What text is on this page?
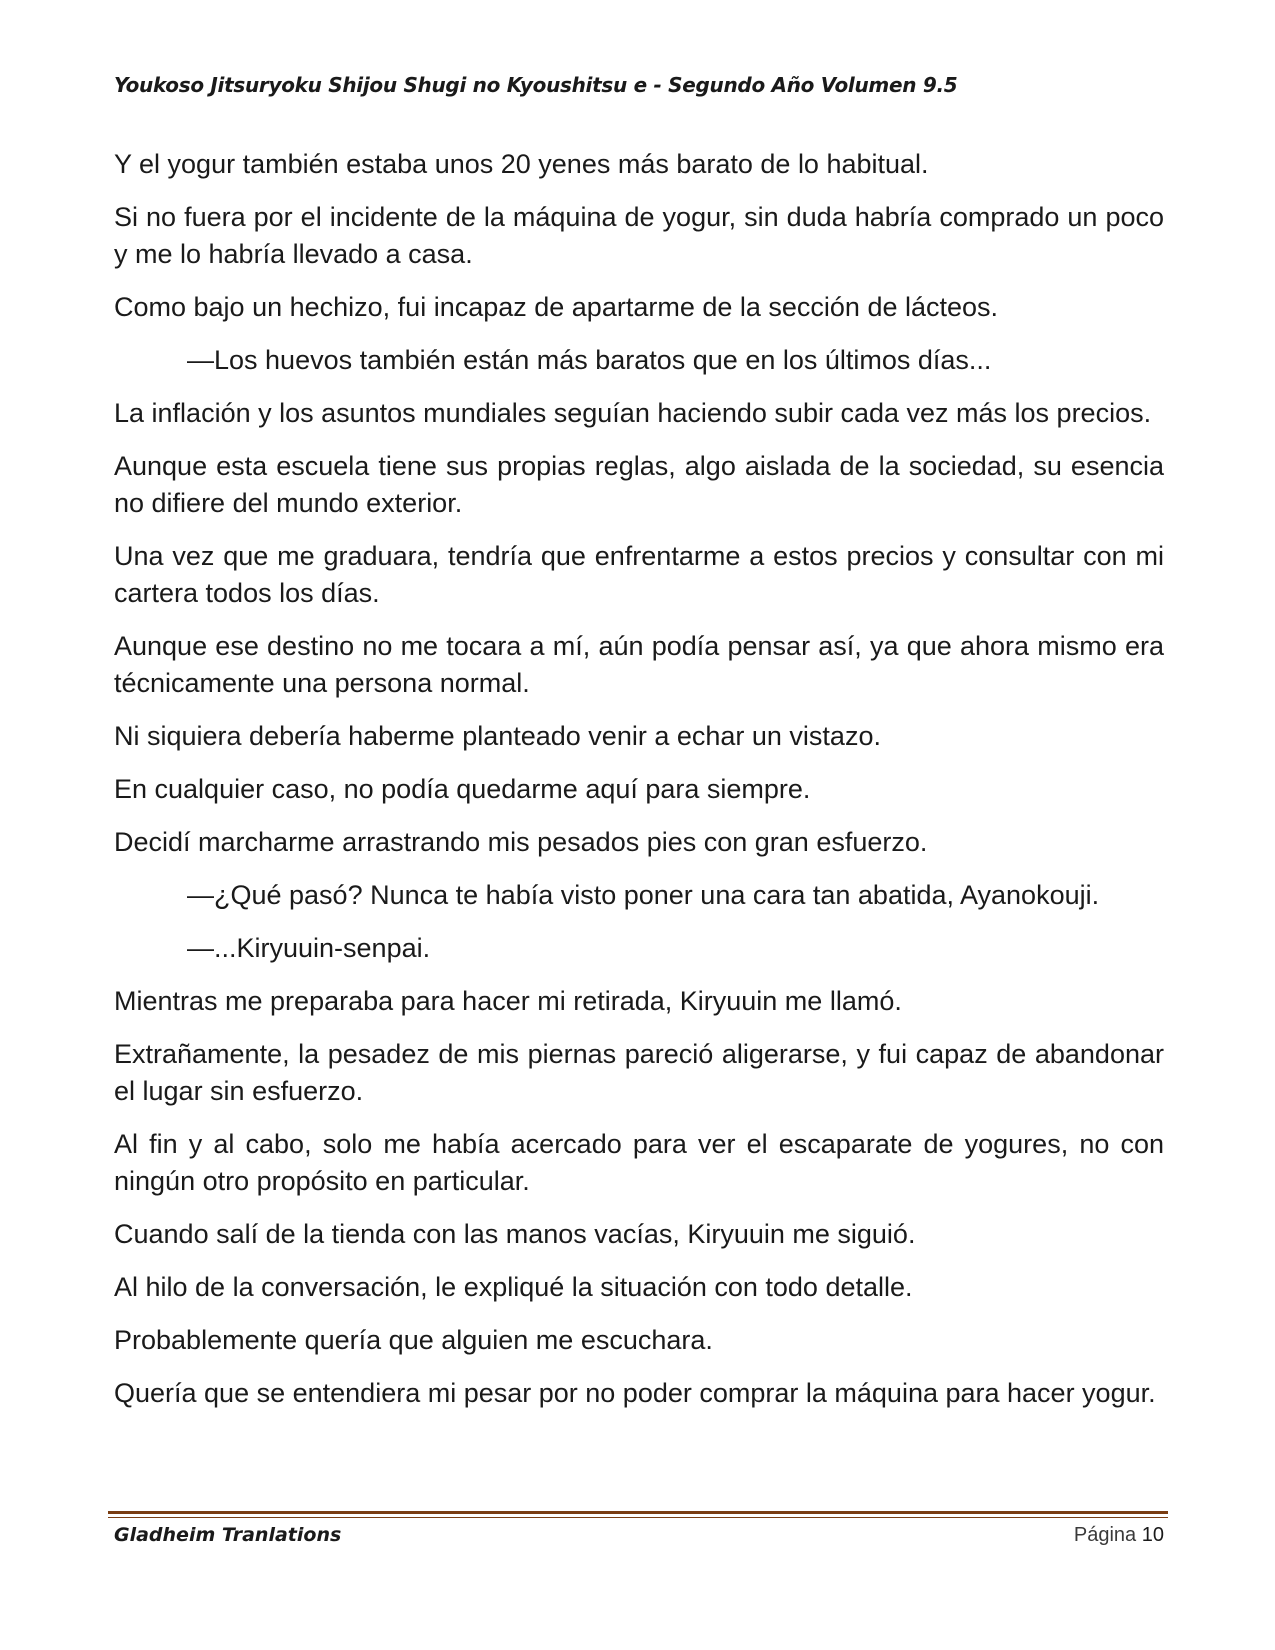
Youkoso Jitsuryoku Shijou Shugi no Kyoushitsu e - Segundo Año Volumen 9.5

Y el yogur también estaba unos 20 yenes más barato de lo habitual.

Si no fuera por el incidente de la máquina de yogur, sin duda habría comprado un poco y me lo habría llevado a casa.

Como bajo un hechizo, fui incapaz de apartarme de la sección de lácteos.

—Los huevos también están más baratos que en los últimos días...

La inflación y los asuntos mundiales seguían haciendo subir cada vez más los precios.

Aunque esta escuela tiene sus propias reglas, algo aislada de la sociedad, su esencia no difiere del mundo exterior.

Una vez que me graduara, tendría que enfrentarme a estos precios y consultar con mi cartera todos los días.

Aunque ese destino no me tocara a mí, aún podía pensar así, ya que ahora mismo era técnicamente una persona normal.

Ni siquiera debería haberme planteado venir a echar un vistazo.

En cualquier caso, no podía quedarme aquí para siempre.

Decidí marcharme arrastrando mis pesados pies con gran esfuerzo.

—¿Qué pasó? Nunca te había visto poner una cara tan abatida, Ayanokouji.

—...Kiryuuin-senpai.

Mientras me preparaba para hacer mi retirada, Kiryuuin me llamó.

Extrañamente, la pesadez de mis piernas pareció aligerarse, y fui capaz de abandonar el lugar sin esfuerzo.

Al fin y al cabo, solo me había acercado para ver el escaparate de yogures, no con ningún otro propósito en particular.

Cuando salí de la tienda con las manos vacías, Kiryuuin me siguió.

Al hilo de la conversación, le expliqué la situación con todo detalle.

Probablemente quería que alguien me escuchara.

Quería que se entendiera mi pesar por no poder comprar la máquina para hacer yogur.

Gladheim Tranlations	Página 10
